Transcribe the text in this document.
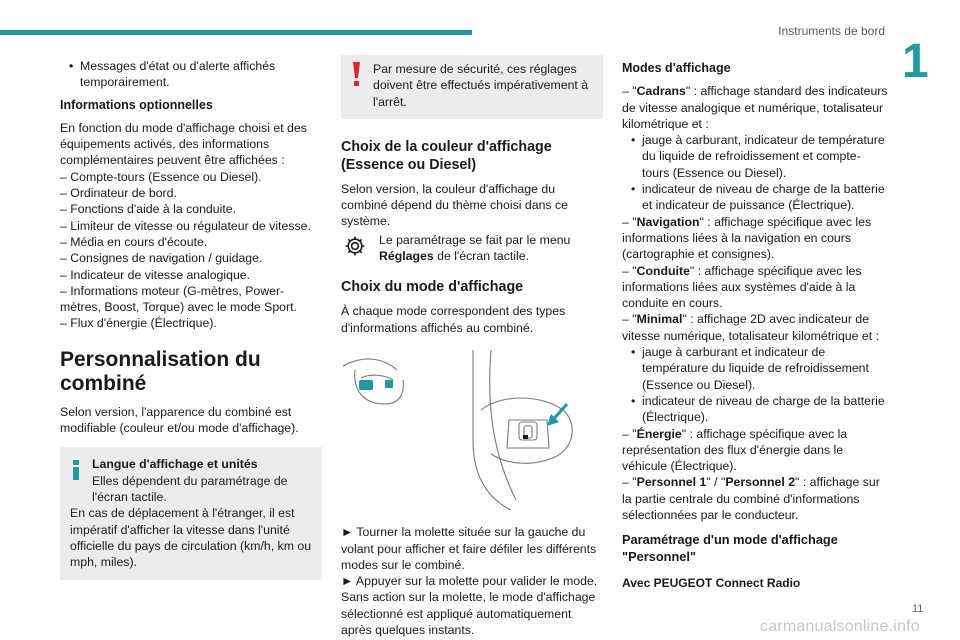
Instruments de bord
1

• Messages d'état ou d'alerte affichés temporairement.

Informations optionnelles

En fonction du mode d'affichage choisi et des équipements activés, des informations complémentaires peuvent être affichées :

– Compte-tours (Essence ou Diesel).

– Ordinateur de bord.

– Fonctions d'aide à la conduite.

– Limiteur de vitesse ou régulateur de vitesse.

– Média en cours d'écoute.

– Consignes de navigation / guidage.

– Indicateur de vitesse analogique.

– Informations moteur (G-mètres, Power-mètres, Boost, Torque) avec le mode Sport.

– Flux d'énergie (Électrique).

Personnalisation du combiné

Selon version, l'apparence du combiné est modifiable (couleur et/ou mode d'affichage).

Langue d'affichage et unités

Elles dépendent du paramétrage de l'écran tactile.

En cas de déplacement à l'étranger, il est impératif d'afficher la vitesse dans l'unité officielle du pays de circulation (km/h, km ou mph, miles).

Par mesure de sécurité, ces réglages doivent être effectués impérativement à l'arrêt.

Choix de la couleur d'affichage (Essence ou Diesel)

Selon version, la couleur d'affichage du combiné dépend du thème choisi dans ce système.

Le paramétrage se fait par le menu Réglages de l'écran tactile.

Choix du mode d'affichage

À chaque mode correspondent des types d'informations affichés au combiné.

► Tourner la molette située sur la gauche du volant pour afficher et faire défiler les différents modes sur le combiné.

► Appuyer sur la molette pour valider le mode. Sans action sur la molette, le mode d'affichage sélectionné est appliqué automatiquement après quelques instants.

Modes d'affichage

– "Cadrans" : affichage standard des indicateurs de vitesse analogique et numérique, totalisateur kilométrique et :

• jauge à carburant, indicateur de température du liquide de refroidissement et compte-tours (Essence ou Diesel).

• indicateur de niveau de charge de la batterie et indicateur de puissance (Électrique).

– "Navigation" : affichage spécifique avec les informations liées à la navigation en cours (cartographie et consignes).

– "Conduite" : affichage spécifique avec les informations liées aux systèmes d'aide à la conduite en cours.

– "Minimal" : affichage 2D avec indicateur de vitesse numérique, totalisateur kilométrique et :

• jauge à carburant et indicateur de température du liquide de refroidissement (Essence ou Diesel).

• indicateur de niveau de charge de la batterie (Électrique).

– "Énergie" : affichage spécifique avec la représentation des flux d'énergie dans le véhicule (Électrique).

– "Personnel 1" / "Personnel 2" : affichage sur la partie centrale du combiné d'informations sélectionnées par le conducteur.

Paramétrage d'un mode d'affichage "Personnel"

Avec PEUGEOT Connect Radio

11
carmanualsonline.info
